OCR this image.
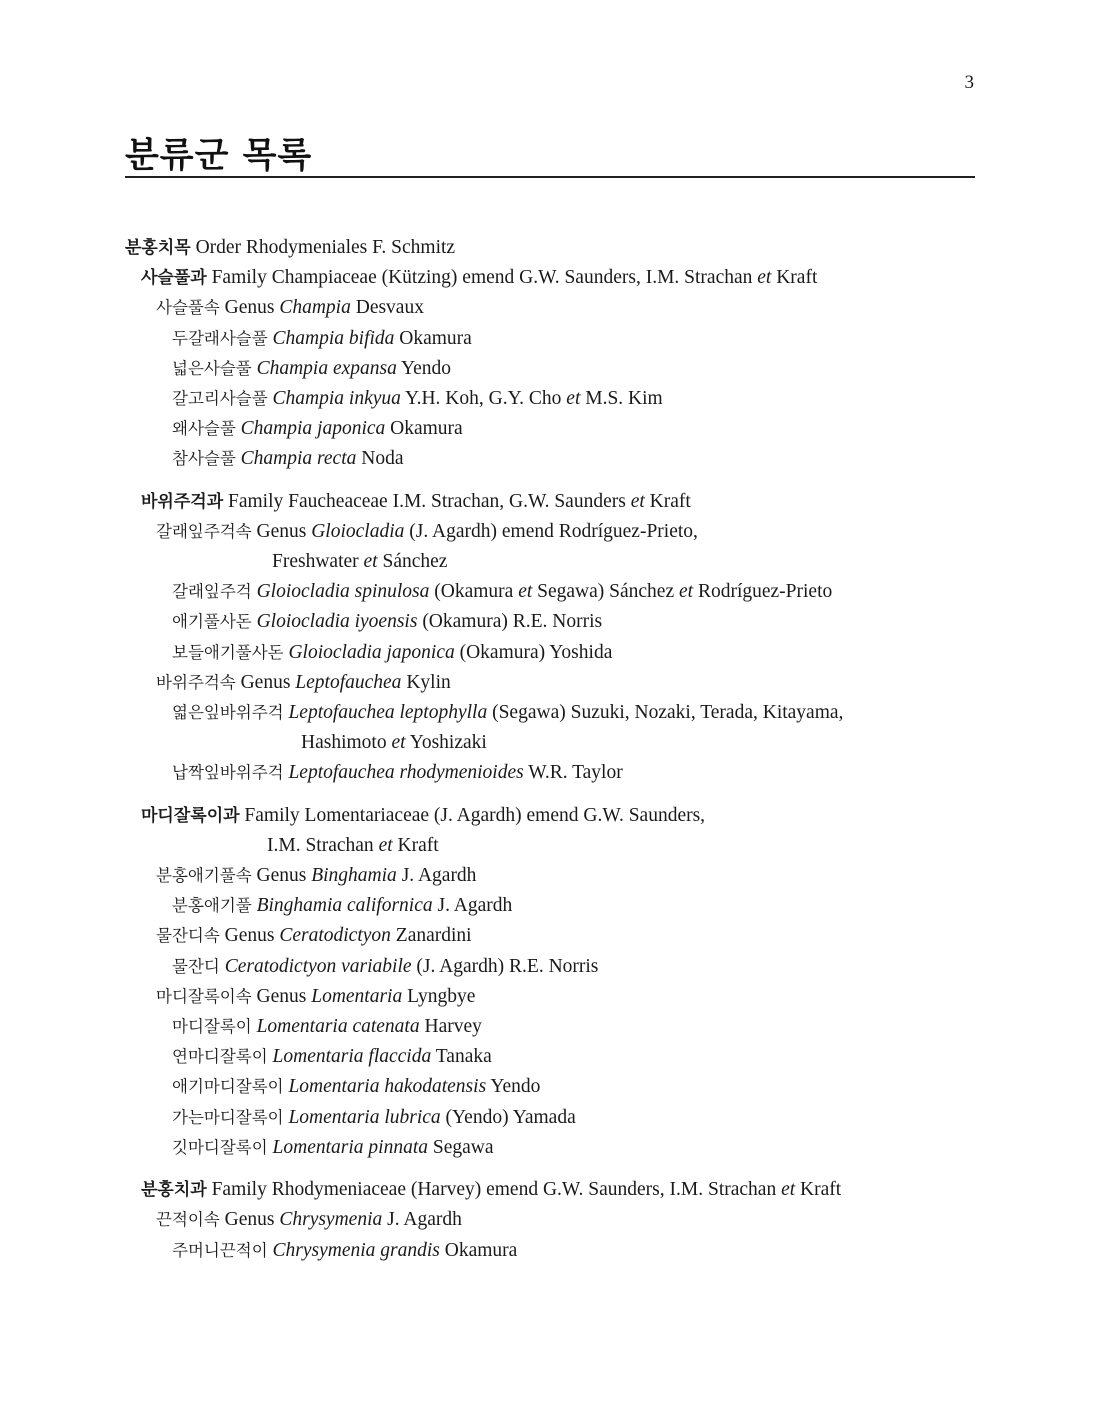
3
분류군 목록
분홍치목 Order Rhodymeniales F. Schmitz
사슬풀과 Family Champiaceae (Kützing) emend G.W. Saunders, I.M. Strachan et Kraft
사슬풀속 Genus Champia Desvaux
두갈래사슬풀 Champia bifida Okamura
넓은사슬풀 Champia expansa Yendo
갈고리사슬풀 Champia inkyua Y.H. Koh, G.Y. Cho et M.S. Kim
왜사슬풀 Champia japonica Okamura
참사슬풀 Champia recta Noda
바위주걱과 Family Faucheaceae I.M. Strachan, G.W. Saunders et Kraft
갈래잎주걱속 Genus Gloiocladia (J. Agardh) emend Rodríguez-Prieto,
Freshwater et Sánchez
갈래잎주걱 Gloiocladia spinulosa (Okamura et Segawa) Sánchez et Rodríguez-Prieto
애기풀사돈 Gloiocladia iyoensis (Okamura) R.E. Norris
보들애기풀사돈 Gloiocladia japonica (Okamura) Yoshida
바위주걱속 Genus Leptofauchea Kylin
엷은잎바위주걱 Leptofauchea leptophylla (Segawa) Suzuki, Nozaki, Terada, Kitayama,
Hashimoto et Yoshizaki
납짝잎바위주걱 Leptofauchea rhodymenioides W.R. Taylor
마디잘록이과 Family Lomentariaceae (J. Agardh) emend G.W. Saunders,
I.M. Strachan et Kraft
분홍애기풀속 Genus Binghamia J. Agardh
분홍애기풀 Binghamia californica J. Agardh
물잔디속 Genus Ceratodictyon Zanardini
물잔디 Ceratodictyon variabile (J. Agardh) R.E. Norris
마디잘록이속 Genus Lomentaria Lyngbye
마디잘록이 Lomentaria catenata Harvey
연마디잘록이 Lomentaria flaccida Tanaka
애기마디잘록이 Lomentaria hakodatensis Yendo
가는마디잘록이 Lomentaria lubrica (Yendo) Yamada
깃마디잘록이 Lomentaria pinnata Segawa
분홍치과 Family Rhodymeniaceae (Harvey) emend G.W. Saunders, I.M. Strachan et Kraft
끈적이속 Genus Chrysymenia J. Agardh
주머니끈적이 Chrysymenia grandis Okamura
